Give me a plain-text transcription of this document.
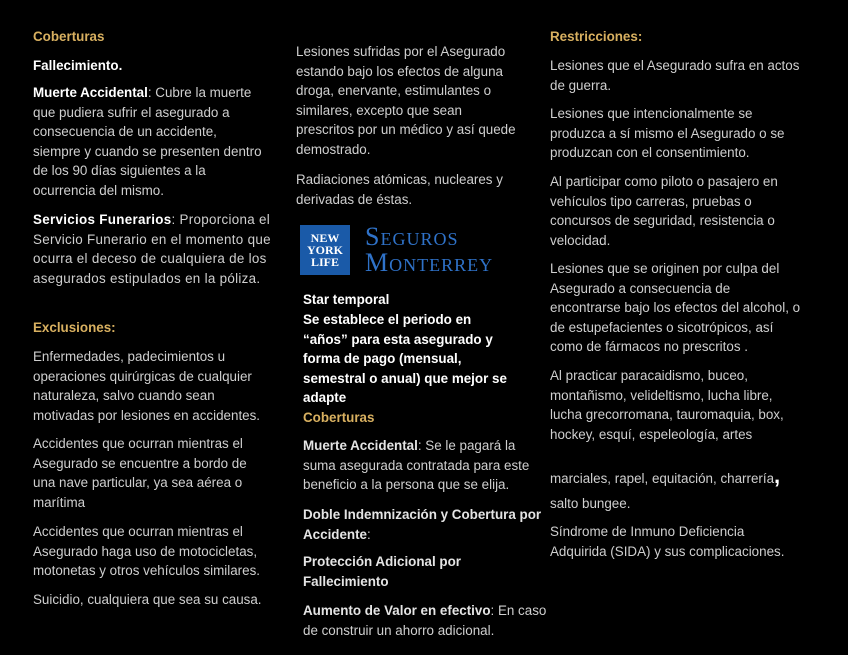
Coberturas

Fallecimiento.

Muerte Accidental: Cubre la muerte que pudiera sufrir el asegurado a consecuencia de un accidente, siempre y cuando se presenten dentro de los 90 días siguientes a la ocurrencia del mismo.

Servicios Funerarios: Proporciona el Servicio Funerario en el momento que ocurra el deceso de cualquiera de los asegurados estipulados en la póliza.

Exclusiones:

Enfermedades, padecimientos u operaciones quirúrgicas de cualquier naturaleza, salvo cuando sean motivadas por lesiones en accidentes.

Accidentes que ocurran mientras el Asegurado se encuentre a bordo de una nave particular, ya sea aérea o marítima

Accidentes que ocurran mientras el Asegurado haga uso de motocicletas, motonetas y otros vehículos similares.

Suicidio, cualquiera que sea su causa.

Lesiones sufridas por el Asegurado estando bajo los efectos de alguna droga, enervante, estimulantes o similares, excepto que sean prescritos por un médico y así quede demostrado.

Radiaciones atómicas, nucleares y derivadas de éstas.

NEW
YORK
LIFE
Seguros
Monterrey

Star temporal

Se establece el periodo en “años” para esta asegurado y forma de pago (mensual, semestral o anual) que mejor se adapte

Coberturas

Muerte Accidental: Se le pagará la suma asegurada contratada para este beneficio a la persona que se elija.

Doble Indemnización y Cobertura por Accidente:

Protección Adicional por Fallecimiento

Aumento de Valor en efectivo: En caso de construir un ahorro adicional.

Restricciones:

Lesiones que el Asegurado sufra en actos de guerra.

Lesiones que intencionalmente se produzca a sí mismo el Asegurado o se produzcan con el consentimiento.

Al participar como piloto o pasajero en vehículos tipo carreras, pruebas o concursos de seguridad, resistencia o velocidad.

Lesiones que se originen por culpa del Asegurado a consecuencia de encontrarse bajo los efectos del alcohol, o de estupefacientes o sicotrópicos, así como de fármacos no prescritos .

Al practicar paracaidismo, buceo, montañismo, velideltismo, lucha libre, lucha grecorromana, tauromaquia, box, hockey, esquí, espeleología, artes

marciales, rapel, equitación, charrería,

salto bungee.

Síndrome de Inmuno Deficiencia Adquirida (SIDA) y sus complicaciones.
